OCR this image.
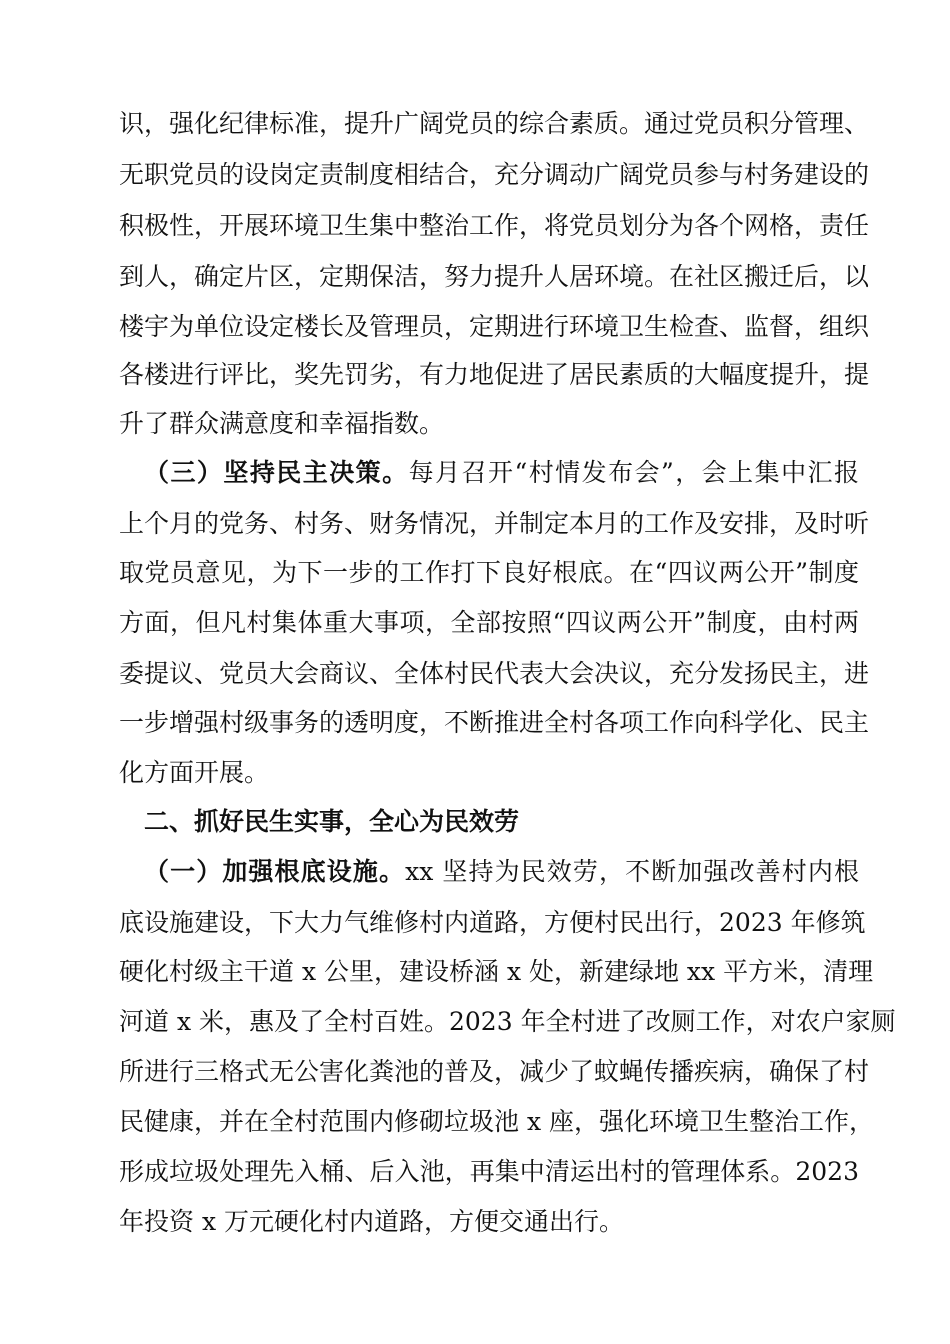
识，强化纪律标准，提升广阔党员的综合素质。通过党员积分管理、

无职党员的设岗定责制度相结合，充分调动广阔党员参与村务建设的

积极性，开展环境卫生集中整治工作，将党员划分为各个网格，责任

到人，确定片区，定期保洁，努力提升人居环境。在社区搬迁后，以

楼宇为单位设定楼长及管理员，定期进行环境卫生检查、监督，组织

各楼进行评比，奖先罚劣，有力地促进了居民素质的大幅度提升，提

升了群众满意度和幸福指数。

（三）坚持民主决策。每月召开“村情发布会”，会上集中汇报

上个月的党务、村务、财务情况，并制定本月的工作及安排，及时听

取党员意见，为下一步的工作打下良好根底。在“四议两公开”制度

方面，但凡村集体重大事项，全部按照“四议两公开”制度，由村两

委提议、党员大会商议、全体村民代表大会决议，充分发扬民主，进

一步增强村级事务的透明度，不断推进全村各项工作向科学化、民主

化方面开展。

二、抓好民生实事，全心为民效劳

（一）加强根底设施。xx 坚持为民效劳，不断加强改善村内根

底设施建设，下大力气维修村内道路，方便村民出行，2023 年修筑

硬化村级主干道 x 公里，建设桥涵 x 处，新建绿地 xx 平方米，清理

河道 x 米，惠及了全村百姓。2023 年全村进了改厕工作，对农户家厕

所进行三格式无公害化粪池的普及，减少了蚊蝇传播疾病，确保了村

民健康，并在全村范围内修砌垃圾池 x 座，强化环境卫生整治工作，

形成垃圾处理先入桶、后入池，再集中清运出村的管理体系。2023

年投资 x 万元硬化村内道路，方便交通出行。
